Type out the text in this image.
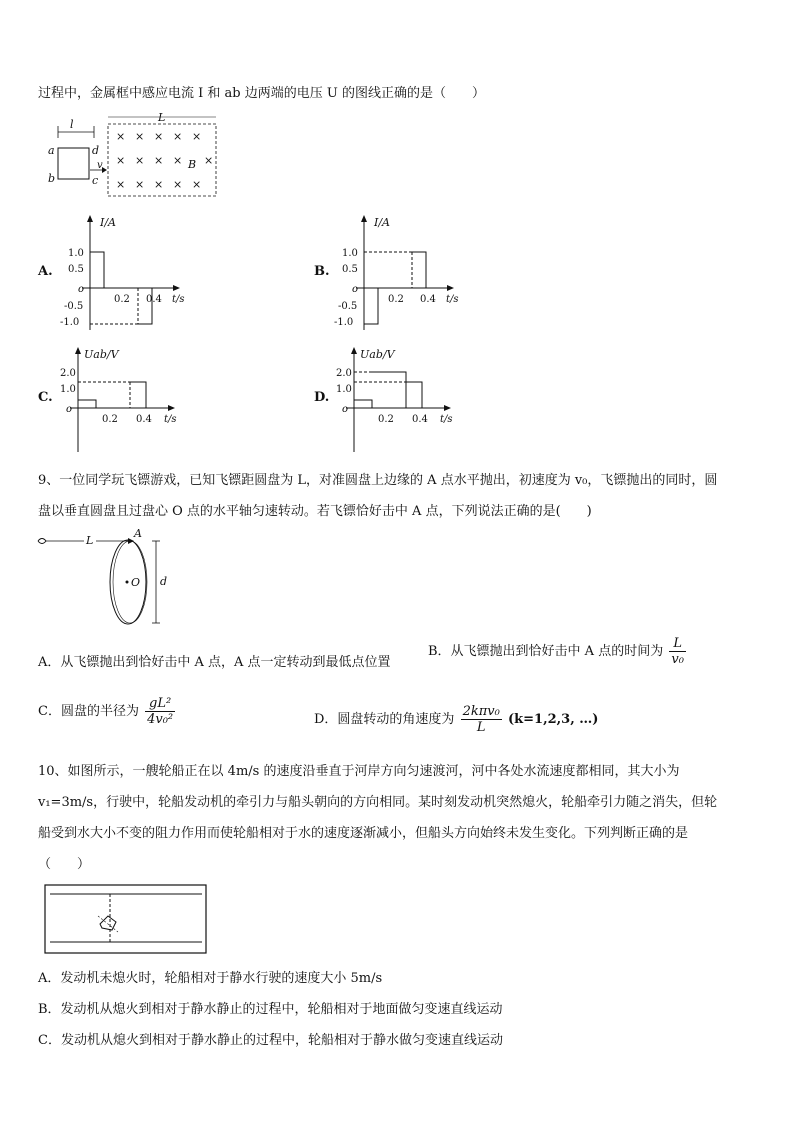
过程中，金属框中感应电流 I 和 ab 边两端的电压 U 的图线正确的是（　　）
l
a
b
d
c
v
L
× × × × ×
× × × × ×
× × × × ×
B
A.
I/A
1.0
0.5
o
-0.5
-1.0
0.2 0.4 t/s
B.
I/A
1.0
0.5
o
-0.5
-1.0
0.2 0.4 t/s
C.
Uab/V
2.0
1.0
o
0.2 0.4 t/s
D.
Uab/V
2.0
1.0
o
0.2 0.4 t/s
9、一位同学玩飞镖游戏，已知飞镖距圆盘为 L，对准圆盘上边缘的 A 点水平抛出，初速度为 v₀，飞镖抛出的同时，圆
盘以垂直圆盘且过盘心 O 点的水平轴匀速转动。若飞镖恰好击中 A 点，下列说法正确的是(　　)
L
A
O d
A．从飞镖抛出到恰好击中 A 点，A 点一定转动到最低点位置
B．从飞镖抛出到恰好击中 A 点的时间为 $\frac{L}{\text{v₀}}$
C．圆盘的半径为 $\frac{\text{gL²}}{\text{4v₀²}}$	D．圆盘转动的角速度为 $\frac{\text{2kπv₀}}{L} (k=1,2,3$, …)
10、如图所示，一艘轮船正在以 4m/s 的速度沿垂直于河岸方向匀速渡河，河中各处水流速度都相同，其大小为
v₁=3m/s，行驶中，轮船发动机的牵引力与船头朝向的方向相同。某时刻发动机突然熄火，轮船牵引力随之消失，但轮
船受到水大小不变的阻力作用而使轮船相对于水的速度逐渐减小，但船头方向始终未发生变化。下列判断正确的是
（　　）
A．发动机未熄火时，轮船相对于静水行驶的速度大小 5m/s
B．发动机从熄火到相对于静水静止的过程中，轮船相对于地面做匀变速直线运动
C．发动机从熄火到相对于静水静止的过程中，轮船相对于静水做匀变速直线运动
